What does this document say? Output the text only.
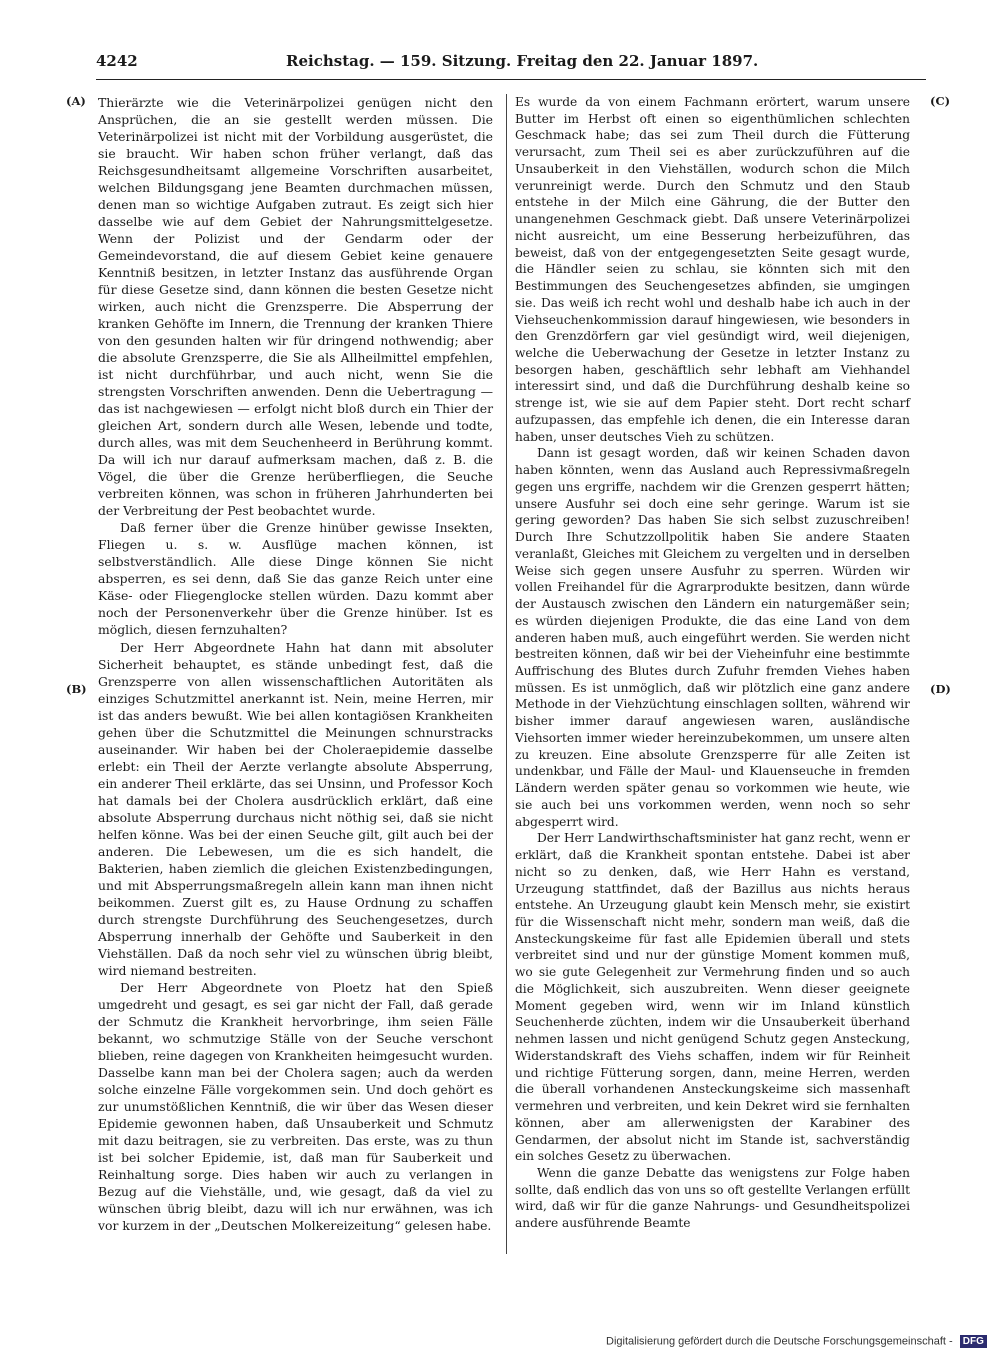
4242	Reichstag. — 159. Sitzung. Freitag den 22. Januar 1897.
(A)
(B)
(C)
(D)

Thierärzte wie die Veterinärpolizei genügen nicht den Ansprüchen, die an sie gestellt werden müssen. Die Veterinärpolizei ist nicht mit der Vorbildung ausgerüstet, die sie braucht. Wir haben schon früher verlangt, daß das Reichsgesundheitsamt allgemeine Vorschriften ausarbeitet, welchen Bildungsgang jene Beamten durchmachen müssen, denen man so wichtige Aufgaben zutraut. Es zeigt sich hier dasselbe wie auf dem Gebiet der Nahrungsmittelgesetze. Wenn der Polizist und der Gendarm oder der Gemeindevorstand, die auf diesem Gebiet keine genauere Kenntniß besitzen, in letzter Instanz das ausführende Organ für diese Gesetze sind, dann können die besten Gesetze nicht wirken, auch nicht die Grenzsperre. Die Absperrung der kranken Gehöfte im Innern, die Trennung der kranken Thiere von den gesunden halten wir für dringend nothwendig; aber die absolute Grenzsperre, die Sie als Allheilmittel empfehlen, ist nicht durchführbar, und auch nicht, wenn Sie die strengsten Vorschriften anwenden. Denn die Uebertragung — das ist nachgewiesen — erfolgt nicht bloß durch ein Thier der gleichen Art, sondern durch alle Wesen, lebende und todte, durch alles, was mit dem Seuchenheerd in Berührung kommt. Da will ich nur darauf aufmerksam machen, daß z. B. die Vögel, die über die Grenze herüberfliegen, die Seuche verbreiten können, was schon in früheren Jahrhunderten bei der Verbreitung der Pest beobachtet wurde.

Daß ferner über die Grenze hinüber gewisse Insekten, Fliegen u. s. w. Ausflüge machen können, ist selbstverständlich. Alle diese Dinge können Sie nicht absperren, es sei denn, daß Sie das ganze Reich unter eine Käse- oder Fliegenglocke stellen würden. Dazu kommt aber noch der Personenverkehr über die Grenze hinüber. Ist es möglich, diesen fernzuhalten?

Der Herr Abgeordnete Hahn hat dann mit absoluter Sicherheit behauptet, es stände unbedingt fest, daß die Grenzsperre von allen wissenschaftlichen Autoritäten als einziges Schutzmittel anerkannt ist. Nein, meine Herren, mir ist das anders bewußt. Wie bei allen kontagiösen Krankheiten gehen über die Schutzmittel die Meinungen schnurstracks auseinander. Wir haben bei der Choleraepidemie dasselbe erlebt: ein Theil der Aerzte verlangte absolute Absperrung, ein anderer Theil erklärte, das sei Unsinn, und Professor Koch hat damals bei der Cholera ausdrücklich erklärt, daß eine absolute Absperrung durchaus nicht nöthig sei, daß sie nicht helfen könne. Was bei der einen Seuche gilt, gilt auch bei der anderen. Die Lebewesen, um die es sich handelt, die Bakterien, haben ziemlich die gleichen Existenzbedingungen, und mit Absperrungsmaßregeln allein kann man ihnen nicht beikommen. Zuerst gilt es, zu Hause Ordnung zu schaffen durch strengste Durchführung des Seuchengesetzes, durch Absperrung innerhalb der Gehöfte und Sauberkeit in den Viehställen. Daß da noch sehr viel zu wünschen übrig bleibt, wird niemand bestreiten.

Der Herr Abgeordnete von Ploetz hat den Spieß umgedreht und gesagt, es sei gar nicht der Fall, daß gerade der Schmutz die Krankheit hervorbringe, ihm seien Fälle bekannt, wo schmutzige Ställe von der Seuche verschont blieben, reine dagegen von Krankheiten heimgesucht wurden. Dasselbe kann man bei der Cholera sagen; auch da werden solche einzelne Fälle vorgekommen sein. Und doch gehört es zur unumstößlichen Kenntniß, die wir über das Wesen dieser Epidemie gewonnen haben, daß Unsauberkeit und Schmutz mit dazu beitragen, sie zu verbreiten. Das erste, was zu thun ist bei solcher Epidemie, ist, daß man für Sauberkeit und Reinhaltung sorge. Dies haben wir auch zu verlangen in Bezug auf die Viehställe, und, wie gesagt, daß da viel zu wünschen übrig bleibt, dazu will ich nur erwähnen, was ich vor kurzem in der „Deutschen Molkereizeitung“ gelesen habe.

Es wurde da von einem Fachmann erörtert, warum unsere Butter im Herbst oft einen so eigenthümlichen schlechten Geschmack habe; das sei zum Theil durch die Fütterung verursacht, zum Theil sei es aber zurückzuführen auf die Unsauberkeit in den Viehställen, wodurch schon die Milch verunreinigt werde. Durch den Schmutz und den Staub entstehe in der Milch eine Gährung, die der Butter den unangenehmen Geschmack giebt. Daß unsere Veterinärpolizei nicht ausreicht, um eine Besserung herbeizuführen, das beweist, daß von der entgegengesetzten Seite gesagt wurde, die Händler seien zu schlau, sie könnten sich mit den Bestimmungen des Seuchengesetzes abfinden, sie umgingen sie. Das weiß ich recht wohl und deshalb habe ich auch in der Viehseuchenkommission darauf hingewiesen, wie besonders in den Grenzdörfern gar viel gesündigt wird, weil diejenigen, welche die Ueberwachung der Gesetze in letzter Instanz zu besorgen haben, geschäftlich sehr lebhaft am Viehhandel interessirt sind, und daß die Durchführung deshalb keine so strenge ist, wie sie auf dem Papier steht. Dort recht scharf aufzupassen, das empfehle ich denen, die ein Interesse daran haben, unser deutsches Vieh zu schützen.

Dann ist gesagt worden, daß wir keinen Schaden davon haben könnten, wenn das Ausland auch Repressivmaßregeln gegen uns ergriffe, nachdem wir die Grenzen gesperrt hätten; unsere Ausfuhr sei doch eine sehr geringe. Warum ist sie gering geworden? Das haben Sie sich selbst zuzuschreiben! Durch Ihre Schutzzollpolitik haben Sie andere Staaten veranlaßt, Gleiches mit Gleichem zu vergelten und in derselben Weise sich gegen unsere Ausfuhr zu sperren. Würden wir vollen Freihandel für die Agrarprodukte besitzen, dann würde der Austausch zwischen den Ländern ein naturgemäßer sein; es würden diejenigen Produkte, die das eine Land von dem anderen haben muß, auch eingeführt werden. Sie werden nicht bestreiten können, daß wir bei der Vieheinfuhr eine bestimmte Auffrischung des Blutes durch Zufuhr fremden Viehes haben müssen. Es ist unmöglich, daß wir plötzlich eine ganz andere Methode in der Viehzüchtung einschlagen sollten, während wir bisher immer darauf angewiesen waren, ausländische Viehsorten immer wieder hereinzubekommen, um unsere alten zu kreuzen. Eine absolute Grenzsperre für alle Zeiten ist undenkbar, und Fälle der Maul- und Klauenseuche in fremden Ländern werden später genau so vorkommen wie heute, wie sie auch bei uns vorkommen werden, wenn noch so sehr abgesperrt wird.

Der Herr Landwirthschaftsminister hat ganz recht, wenn er erklärt, daß die Krankheit spontan entstehe. Dabei ist aber nicht so zu denken, daß, wie Herr Hahn es verstand, Urzeugung stattfindet, daß der Bazillus aus nichts heraus entstehe. An Urzeugung glaubt kein Mensch mehr, sie existirt für die Wissenschaft nicht mehr, sondern man weiß, daß die Ansteckungskeime für fast alle Epidemien überall und stets verbreitet sind und nur der günstige Moment kommen muß, wo sie gute Gelegenheit zur Vermehrung finden und so auch die Möglichkeit, sich auszubreiten. Wenn dieser geeignete Moment gegeben wird, wenn wir im Inland künstlich Seuchenherde züchten, indem wir die Unsauberkeit überhand nehmen lassen und nicht genügend Schutz gegen Ansteckung, Widerstandskraft des Viehs schaffen, indem wir für Reinheit und richtige Fütterung sorgen, dann, meine Herren, werden die überall vorhandenen Ansteckungskeime sich massenhaft vermehren und verbreiten, und kein Dekret wird sie fernhalten können, aber am allerwenigsten der Karabiner des Gendarmen, der absolut nicht im Stande ist, sachverständig ein solches Gesetz zu überwachen.

Wenn die ganze Debatte das wenigstens zur Folge haben sollte, daß endlich das von uns so oft gestellte Verlangen erfüllt wird, daß wir für die ganze Nahrungs- und Gesundheitspolizei andere ausführende Beamte

Digitalisierung gefördert durch die Deutsche Forschungsgemeinschaft - DFG
